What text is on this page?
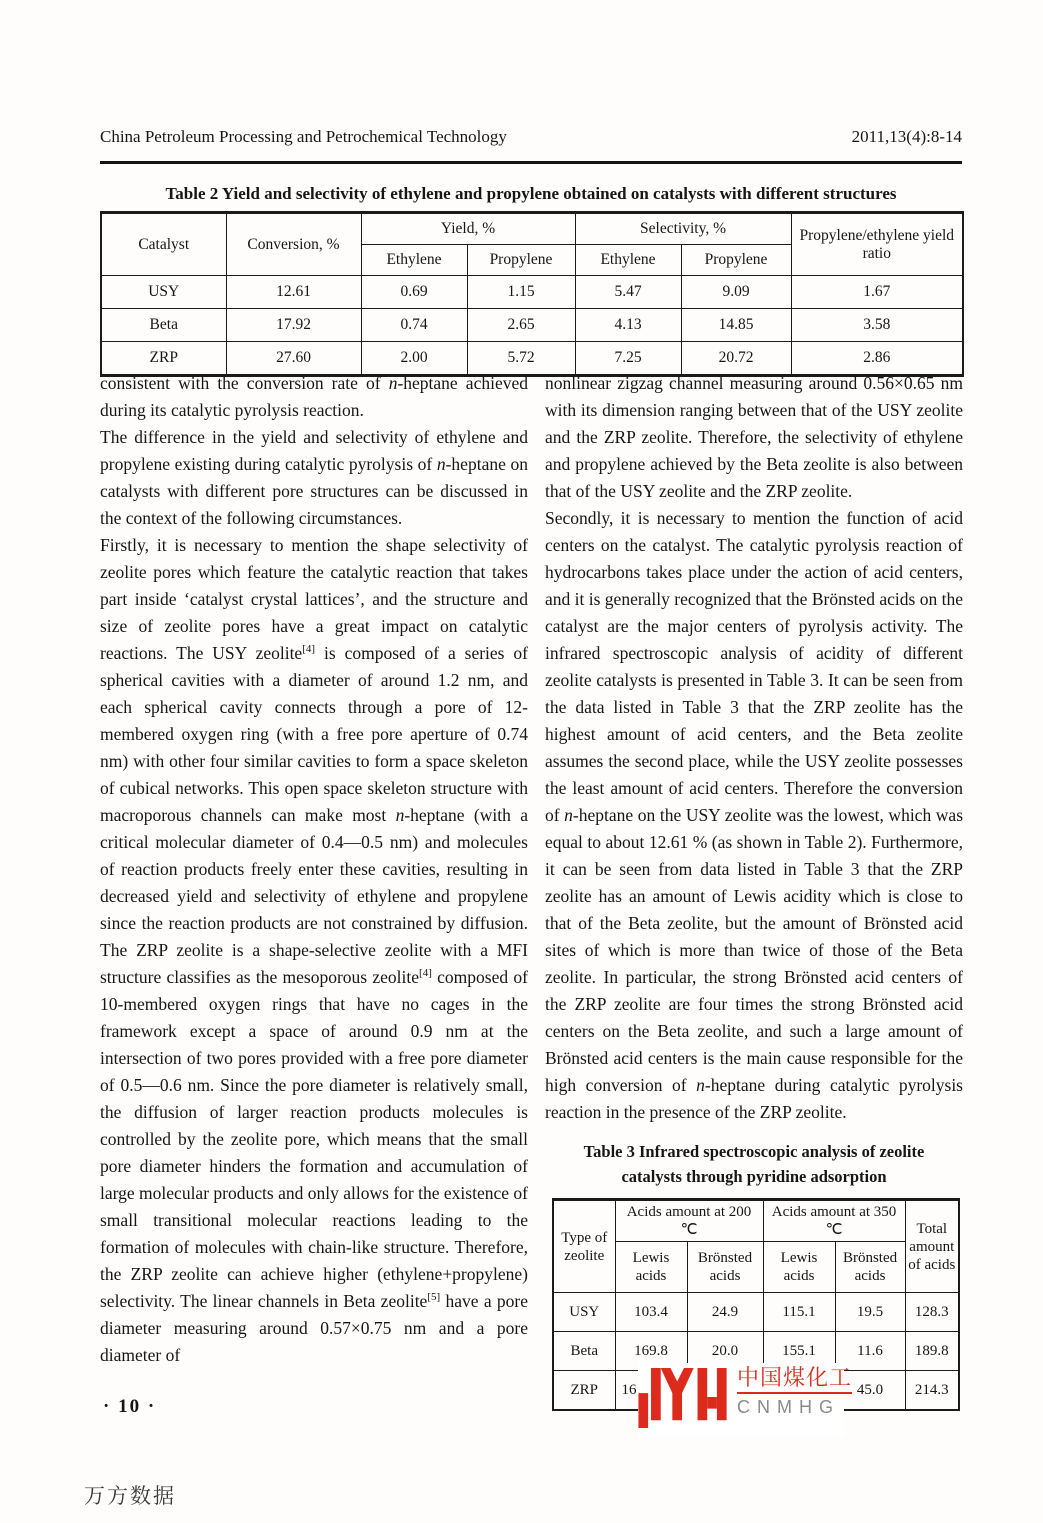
China Petroleum Processing and Petrochemical Technology	2011,13(4):8-14
Table 2 Yield and selectivity of ethylene and propylene obtained on catalysts with different structures
Catalyst	Conversion, %	Yield, %		Selectivity, %		Propylene/ethylene yield ratio
		Ethylene	Propylene	Ethylene	Propylene	
USY	12.61	0.69	1.15	5.47	9.09	1.67
Beta	17.92	0.74	2.65	4.13	14.85	3.58
ZRP	27.60	2.00	5.72	7.25	20.72	2.86

consistent with the conversion rate of n-heptane achieved during its catalytic pyrolysis reaction.

The difference in the yield and selectivity of ethylene and propylene existing during catalytic pyrolysis of n-heptane on catalysts with different pore structures can be discussed in the context of the following circumstances.

Firstly, it is necessary to mention the shape selectivity of zeolite pores which feature the catalytic reaction that takes part inside ‘catalyst crystal lattices’, and the structure and size of zeolite pores have a great impact on catalytic reactions. The USY zeolite[4] is composed of a series of spherical cavities with a diameter of around 1.2 nm, and each spherical cavity connects through a pore of 12-membered oxygen ring (with a free pore aperture of 0.74 nm) with other four similar cavities to form a space skeleton of cubical networks. This open space skeleton structure with macroporous channels can make most n-heptane (with a critical molecular diameter of 0.4—0.5 nm) and molecules of reaction products freely enter these cavities, resulting in decreased yield and selectivity of ethylene and propylene since the reaction products are not constrained by diffusion. The ZRP zeolite is a shape-selective zeolite with a MFI structure classifies as the mesoporous zeolite[4] composed of 10-membered oxygen rings that have no cages in the framework except a space of around 0.9 nm at the intersection of two pores provided with a free pore diameter of 0.5—0.6 nm. Since the pore diameter is relatively small, the diffusion of larger reaction products molecules is controlled by the zeolite pore, which means that the small pore diameter hinders the formation and accumulation of large molecular products and only allows for the existence of small transitional molecular reactions leading to the formation of molecules with chain-like structure. Therefore, the ZRP zeolite can achieve higher (ethylene+propylene) selectivity. The linear channels in Beta zeolite[5] have a pore diameter measuring around 0.57×0.75 nm and a pore diameter of

nonlinear zigzag channel measuring around 0.56×0.65 nm with its dimension ranging between that of the USY zeolite and the ZRP zeolite. Therefore, the selectivity of ethylene and propylene achieved by the Beta zeolite is also between that of the USY zeolite and the ZRP zeolite.

Secondly, it is necessary to mention the function of acid centers on the catalyst. The catalytic pyrolysis reaction of hydrocarbons takes place under the action of acid centers, and it is generally recognized that the Brönsted acids on the catalyst are the major centers of pyrolysis activity. The infrared spectroscopic analysis of acidity of different zeolite catalysts is presented in Table 3. It can be seen from the data listed in Table 3 that the ZRP zeolite has the highest amount of acid centers, and the Beta zeolite assumes the second place, while the USY zeolite possesses the least amount of acid centers. Therefore the conversion of n-heptane on the USY zeolite was the lowest, which was equal to about 12.61 % (as shown in Table 2). Furthermore, it can be seen from data listed in Table 3 that the ZRP zeolite has an amount of Lewis acidity which is close to that of the Beta zeolite, but the amount of Brönsted acid sites of which is more than twice of those of the Beta zeolite. In particular, the strong Brönsted acid centers of the ZRP zeolite are four times the strong Brönsted acid centers on the Beta zeolite, and such a large amount of Brönsted acid centers is the main cause responsible for the high conversion of n-heptane during catalytic pyrolysis reaction in the presence of the ZRP zeolite.

Table 3 Infrared spectroscopic analysis of zeolite
catalysts through pyridine adsorption
Type of zeolite	Acids amount at 200 ℃		Acids amount at 350 ℃		Total amount of acids
	Lewis acids	Brönsted acids	Lewis acids	Brönsted acids	
USY	103.4	24.9	115.1	19.5	128.3
Beta	169.8	20.0	155.1	11.6	189.8
ZRP	16			45.0	214.3
中国煤化工
CNMHG
· 10 ·
万方数据
